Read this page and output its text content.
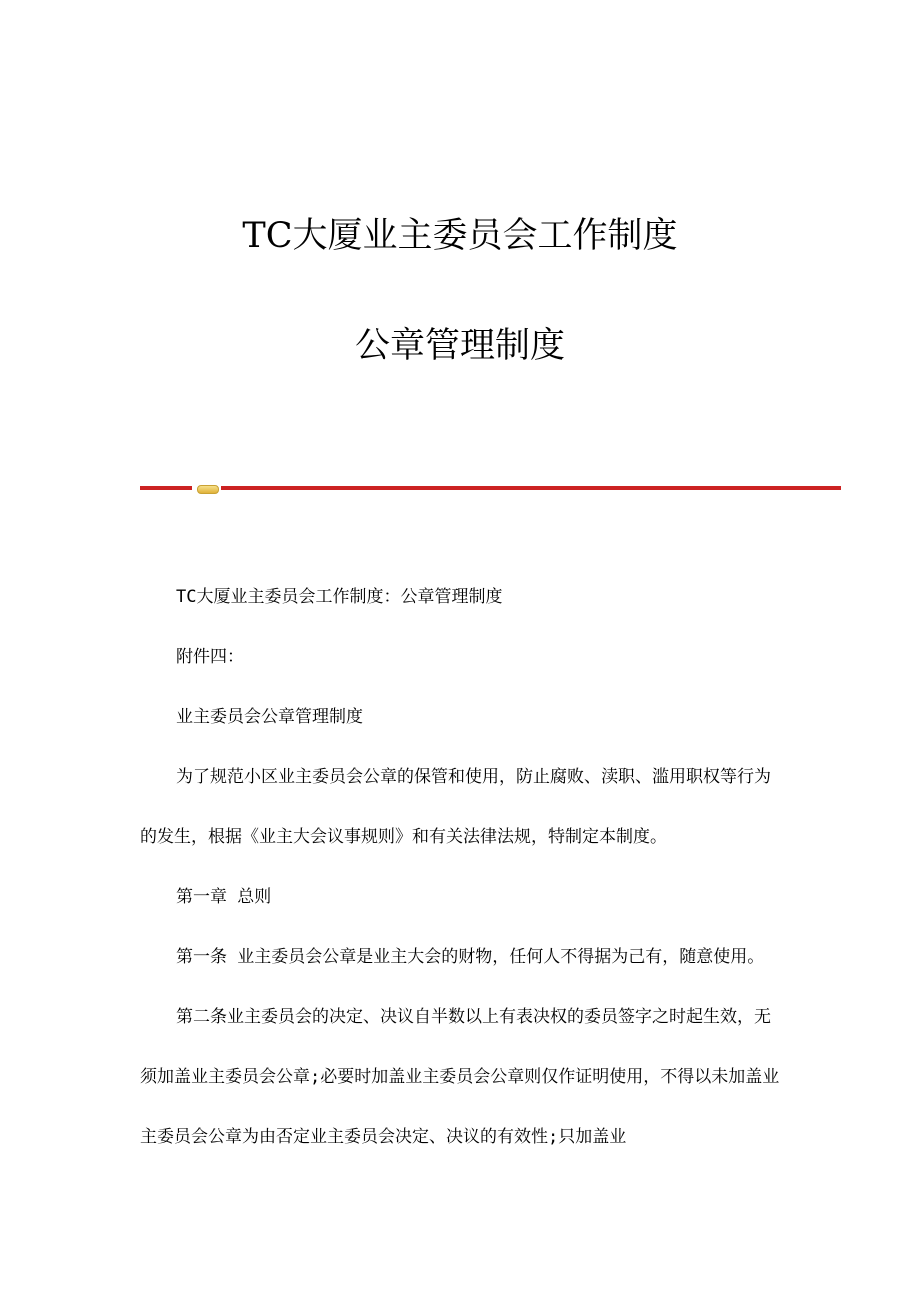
TC大厦业主委员会工作制度
公章管理制度

TC大厦业主委员会工作制度：公章管理制度

附件四：

业主委员会公章管理制度

为了规范小区业主委员会公章的保管和使用，防止腐败、渎职、滥用职权等行为的发生，根据《业主大会议事规则》和有关法律法规，特制定本制度。

第一章 总则

第一条 业主委员会公章是业主大会的财物，任何人不得据为己有，随意使用。

第二条业主委员会的决定、决议自半数以上有表决权的委员签字之时起生效，无须加盖业主委员会公章;必要时加盖业主委员会公章则仅作证明使用，不得以未加盖业主委员会公章为由否定业主委员会决定、决议的有效性;只加盖业
